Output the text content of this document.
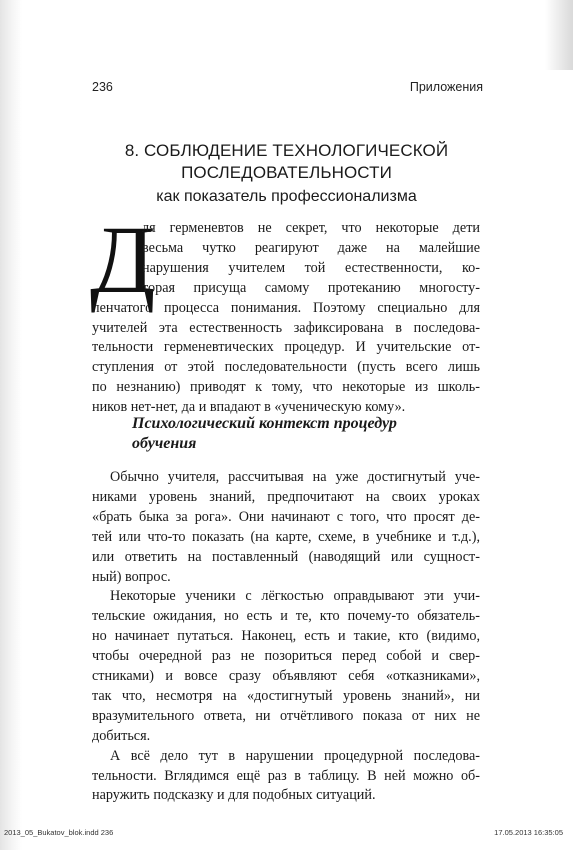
236	Приложения
8. СОБЛЮДЕНИЕ ТЕХНОЛОГИЧЕСКОЙ
ПОСЛЕДОВАТЕЛЬНОСТИ
как показатель профессионализма
Д
ля герменевтов не секрет, что некоторые дети
весьма чутко реагируют даже на малейшие
нарушения учителем той естественности, ко-
торая присуща самому протеканию многосту-
пенчатого процесса понимания. Поэтому специально для
учителей эта естественность зафиксирована в последова-
тельности герменевтических процедур. И учительские от-
ступления от этой последовательности (пусть всего лишь
по незнанию) приводят к тому, что некоторые из школь-
ников нет-нет, да и впадают в «ученическую кому».
Психологический контекст процедур
обучения
Обычно учителя, рассчитывая на уже достигнутый уче-
никами уровень знаний, предпочитают на своих уроках
«брать быка за рога». Они начинают с того, что просят де-
тей или что-то показать (на карте, схеме, в учебнике и т.д.),
или ответить на поставленный (наводящий или сущност-
ный) вопрос.
Некоторые ученики с лёгкостью оправдывают эти учи-
тельские ожидания, но есть и те, кто почему-то обязатель-
но начинает путаться. Наконец, есть и такие, кто (видимо,
чтобы очередной раз не позориться перед собой и свер-
стниками) и вовсе сразу объявляют себя «отказниками»,
так что, несмотря на «достигнутый уровень знаний», ни
вразумительного ответа, ни отчётливого показа от них не
добиться.
А всё дело тут в нарушении процедурной последова-
тельности. Вглядимся ещё раз в таблицу. В ней можно об-
наружить подсказку и для подобных ситуаций.
2013_05_Bukatov_blok.indd 236	17.05.2013 16:35:05
